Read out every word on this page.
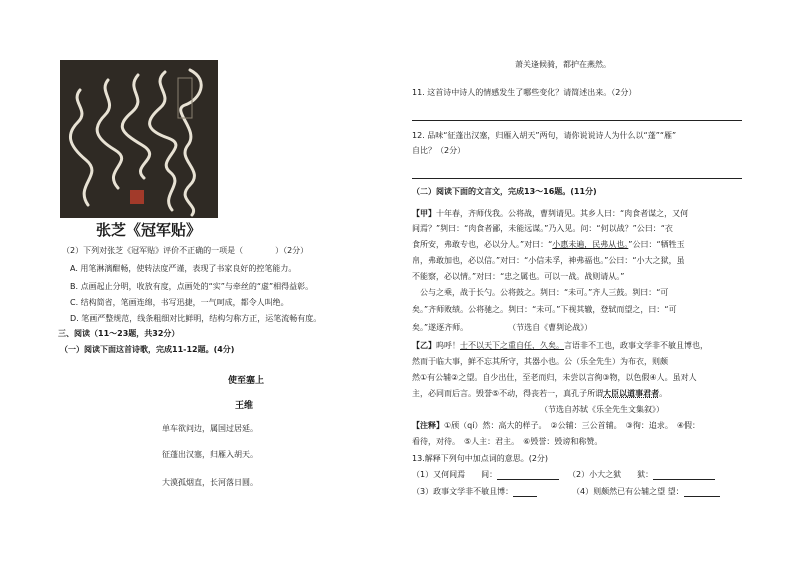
张芝《冠军贴》
（2）下列对张芝《冠军贴》评价不正确的一项是（　　　　）（2分）
A. 用笔淋漓酣畅，使转法度严谨，表现了书家良好的控笔能力。
B. 点画起止分明，收放有度，点画处的“实”与牵丝的“虚”相得益彰。
C. 结构简省，笔画连绵，书写迅捷，一气呵成，都令人叫绝。
D. 笔画严整规范，线条粗细对比鲜明，结构匀称方正，运笔流畅有度。
三、阅读（11～23题，共32分）
（一）阅读下面这首诗歌，完成11-12题。(4分)
使至塞上
王维
单车欲问边，属国过居延。
征蓬出汉塞，归雁入胡天。
大漠孤烟直，长河落日圆。
萧关逢候骑，都护在燕然。
11. 这首诗中诗人的情感发生了哪些变化？请简述出来。（2分）
12. 品味“征蓬出汉塞，归雁入胡天”两句，请你说说诗人为什么以“蓬”“雁”
自比？（2分）
（二）阅读下面的文言文，完成13～16题。(11分)
【甲】十年春，齐师伐我。公将战，曹刿请见。其乡人曰：“肉食者谋之，又何
间焉？”刿曰：“肉食者鄙，未能远谋。”乃入见。问：“何以战？”公曰：“衣
食所安，弗敢专也，必以分人。”对曰：“小惠未遍，民弗从也。”公曰：“牺牲玉
帛，弗敢加也，必以信。”对曰：“小信未孚，神弗福也。”公曰：“小大之狱，虽
不能察，必以情。”对曰：“忠之属也。可以一战。战则请从。”
公与之乘，战于长勺。公将鼓之。刿曰：“未可。”齐人三鼓。刿曰：“可
矣。”齐师败绩。公将驰之。刿曰：“未可。”下视其辙，登轼而望之，曰：“可
矣。”遂逐齐师。　　　　　　（节选自《曹刿论战》）
【乙】呜呼！士不以天下之重自任，久矣。言语非不工也，政事文学非不敏且博也，
然而于临大事，鲜不忘其所守，其器小也。公（乐全先生）为布衣，则颇
然①有公辅②之望。自少出仕，至老而归，未尝以言徇③物，以色假④人。虽对人
主，必同而后言。毁誉⑤不动，得丧若一，真孔子所谓大臣以道事君者。
（节选自苏轼《乐全先生文集叙》）
【注释】①颀（qí）然：高大的样子。　②公辅：三公首辅。　③徇：追求。　④假：
看待，对待。　⑤人主：君主。　⑥毁誉：毁谤和称赞。
13.解释下列句中加点词的意思。(2分)
（1）又何间焉　　间：	（2）小大之狱　　狱：
（3）政事文学非不敏且博：	（4）则颇然已有公辅之望 望：
